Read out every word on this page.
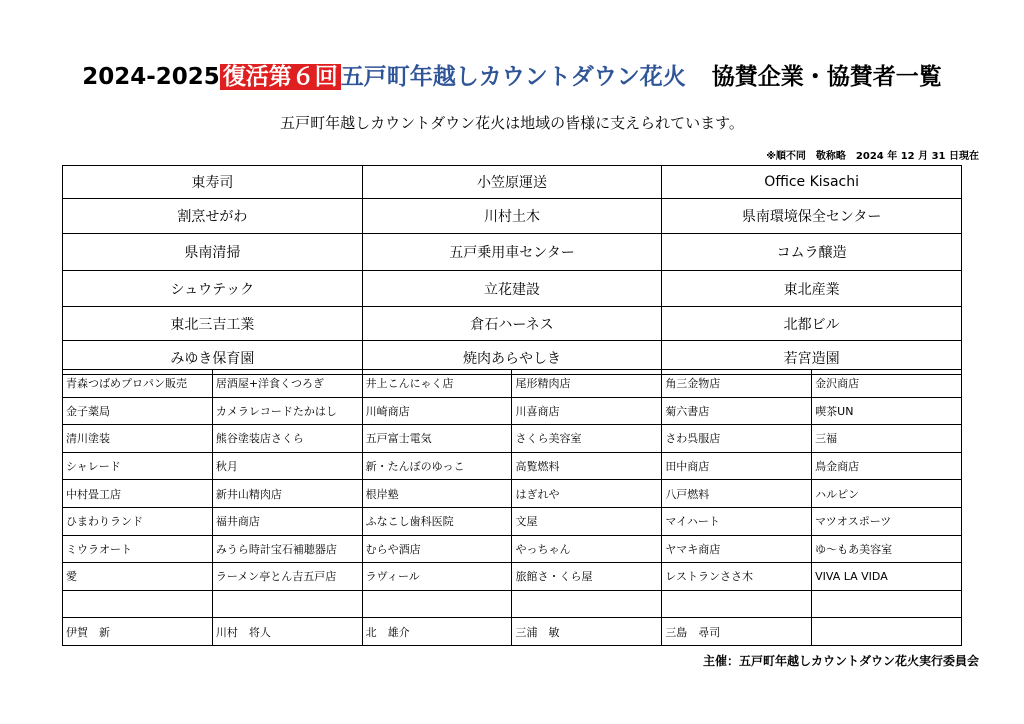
2024-2025 復活第６回 五戸町年越しカウントダウン花火 協賛企業・協賛者一覧
五戸町年越しカウントダウン花火は地域の皆様に支えられています。
※順不同　敬称略　2024 年 12 月 31 日現在
東寿司	小笠原運送	Office Kisachi
割烹せがわ	川村土木	県南環境保全センター
県南清掃	五戸乗用車センター	コムラ醸造
シュウテック	立花建設	東北産業
東北三吉工業	倉石ハーネス	北都ビル
みゆき保育園	焼肉あらやしき	若宮造園
青森つばめプロパン販売	居酒屋+洋食くつろぎ	井上こんにゃく店	尾形精肉店	角三金物店	金沢商店
金子薬局	カメラレコードたかはし	川崎商店	川喜商店	菊六書店	喫茶UN
清川塗装	熊谷塗装店さくら	五戸富士電気	さくら美容室	さわ呉服店	三福
シャレード	秋月	新・たんぼのゆっこ	高覧燃料	田中商店	鳥金商店
中村畳工店	新井山精肉店	根岸塾	はぎれや	八戸燃料	ハルピン
ひまわりランド	福井商店	ふなこし歯科医院	文屋	マイハート	マツオスポーツ
ミウラオート	みうら時計宝石補聴器店	むらや酒店	やっちゃん	ヤマキ商店	ゆ～もあ美容室
愛	ラーメン亭とん吉五戸店	ラヴィール	旅館さ・くら屋	レストランささ木	VIVA LA VIDA

伊賀　新	川村　将人	北　雄介	三浦　敏	三島　尋司	
主催：五戸町年越しカウントダウン花火実行委員会
